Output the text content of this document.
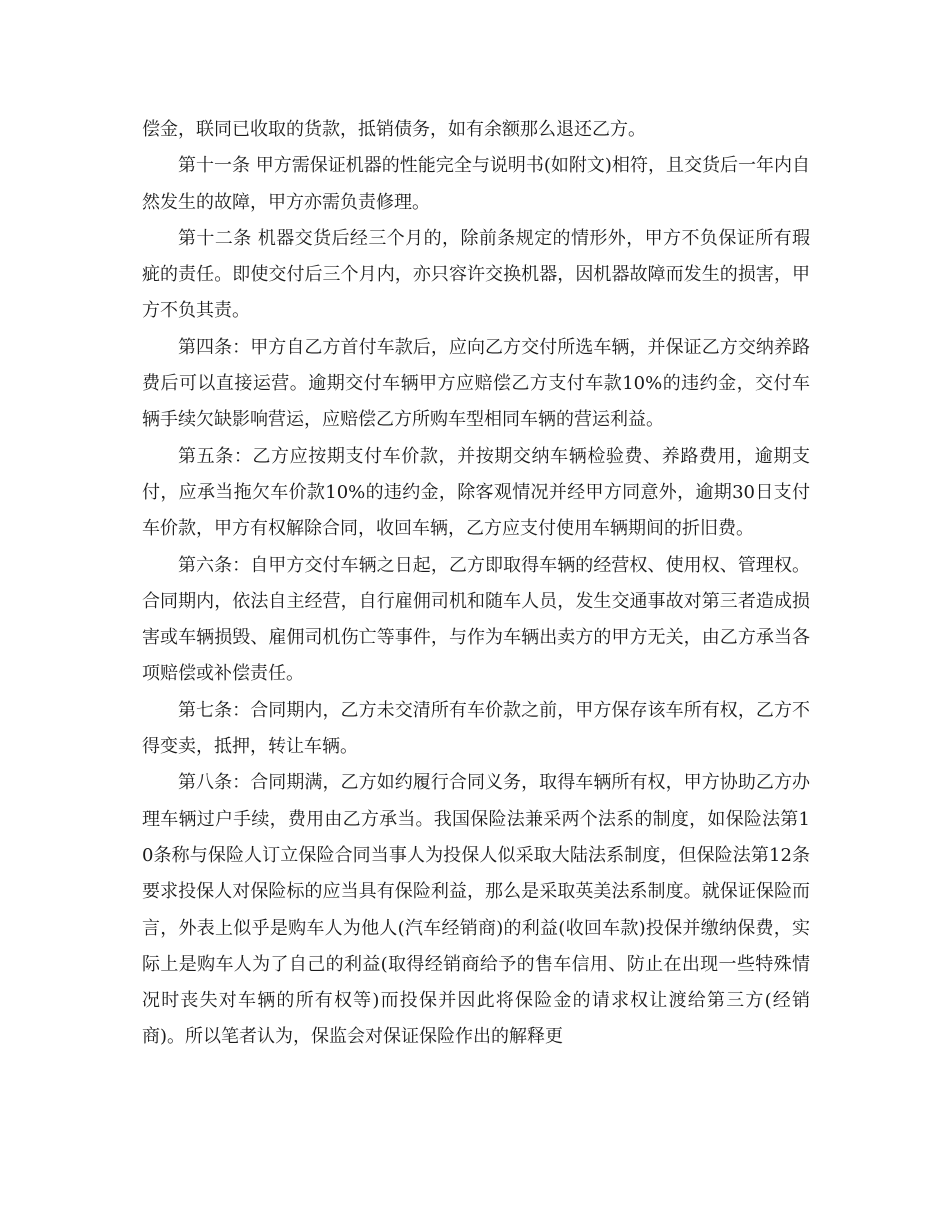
偿金，联同已收取的货款，抵销债务，如有余额那么退还乙方。

第十一条 甲方需保证机器的性能完全与说明书(如附文)相符，且交货后一年内自然发生的故障，甲方亦需负责修理。

第十二条 机器交货后经三个月的，除前条规定的情形外，甲方不负保证所有瑕疵的责任。即使交付后三个月内，亦只容许交换机器，因机器故障而发生的损害，甲方不负其责。

第四条：甲方自乙方首付车款后，应向乙方交付所选车辆，并保证乙方交纳养路费后可以直接运营。逾期交付车辆甲方应赔偿乙方支付车款10%的违约金，交付车辆手续欠缺影响营运，应赔偿乙方所购车型相同车辆的营运利益。

第五条：乙方应按期支付车价款，并按期交纳车辆检验费、养路费用，逾期支付，应承当拖欠车价款10%的违约金，除客观情况并经甲方同意外，逾期30日支付车价款，甲方有权解除合同，收回车辆，乙方应支付使用车辆期间的折旧费。

第六条：自甲方交付车辆之日起，乙方即取得车辆的经营权、使用权、管理权。合同期内，依法自主经营，自行雇佣司机和随车人员，发生交通事故对第三者造成损害或车辆损毁、雇佣司机伤亡等事件，与作为车辆出卖方的甲方无关，由乙方承当各项赔偿或补偿责任。

第七条：合同期内，乙方未交清所有车价款之前，甲方保存该车所有权，乙方不得变卖，抵押，转让车辆。

第八条：合同期满，乙方如约履行合同义务，取得车辆所有权，甲方协助乙方办理车辆过户手续，费用由乙方承当。我国保险法兼采两个法系的制度，如保险法第10条称与保险人订立保险合同当事人为投保人似采取大陆法系制度，但保险法第12条要求投保人对保险标的应当具有保险利益，那么是采取英美法系制度。就保证保险而言，外表上似乎是购车人为他人(汽车经销商)的利益(收回车款)投保并缴纳保费，实际上是购车人为了自己的利益(取得经销商给予的售车信用、防止在出现一些特殊情况时丧失对车辆的所有权等)而投保并因此将保险金的请求权让渡给第三方(经销商)。所以笔者认为，保监会对保证保险作出的解释更
